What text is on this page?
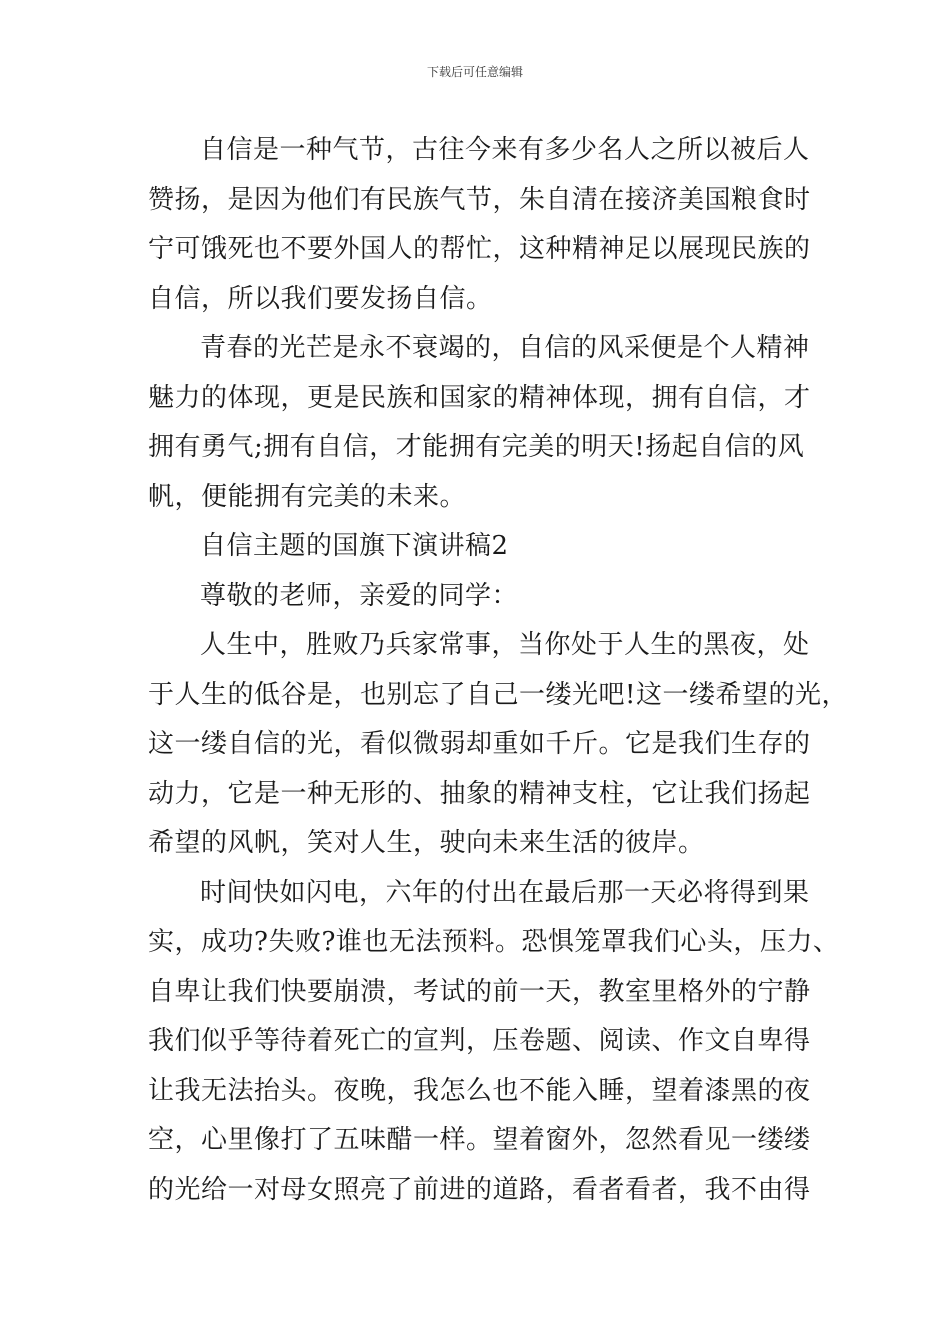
下载后可任意编辑
自信是一种气节，古往今来有多少名人之所以被后人
赞扬，是因为他们有民族气节，朱自清在接济美国粮食时
宁可饿死也不要外国人的帮忙，这种精神足以展现民族的
自信，所以我们要发扬自信。
青春的光芒是永不衰竭的，自信的风采便是个人精神
魅力的体现，更是民族和国家的精神体现，拥有自信，才
拥有勇气;拥有自信，才能拥有完美的明天!扬起自信的风
帆，便能拥有完美的未来。
自信主题的国旗下演讲稿2
尊敬的老师，亲爱的同学：
人生中，胜败乃兵家常事，当你处于人生的黑夜，处
于人生的低谷是，也别忘了自己一缕光吧!这一缕希望的光，
这一缕自信的光，看似微弱却重如千斤。它是我们生存的
动力，它是一种无形的、抽象的精神支柱，它让我们扬起
希望的风帆，笑对人生，驶向未来生活的彼岸。
时间快如闪电，六年的付出在最后那一天必将得到果
实，成功?失败?谁也无法预料。恐惧笼罩我们心头，压力、
自卑让我们快要崩溃，考试的前一天，教室里格外的宁静
我们似乎等待着死亡的宣判，压卷题、阅读、作文自卑得
让我无法抬头。夜晚，我怎么也不能入睡，望着漆黑的夜
空，心里像打了五味醋一样。望着窗外，忽然看见一缕缕
的光给一对母女照亮了前进的道路，看者看者，我不由得
